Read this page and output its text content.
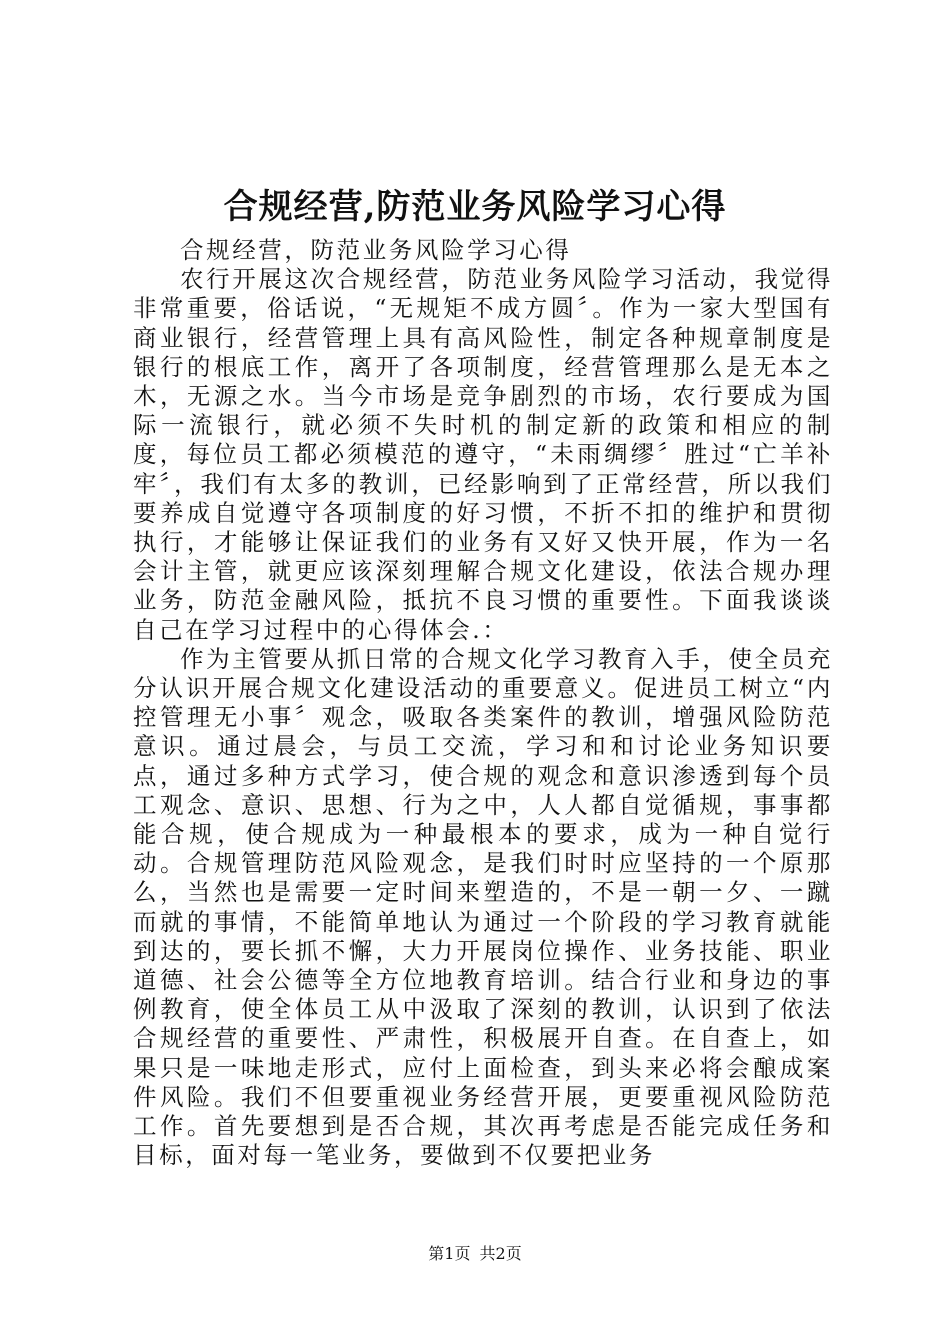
合规经营,防范业务风险学习心得

合规经营，防范业务风险学习心得

农行开展这次合规经营，防范业务风险学习活动，我觉得非常重要，俗话说，“无规矩不成方圆〞。作为一家大型国有商业银行，经营管理上具有高风险性，制定各种规章制度是银行的根底工作，离开了各项制度，经营管理那么是无本之木，无源之水。当今市场是竞争剧烈的市场，农行要成为国际一流银行，就必须不失时机的制定新的政策和相应的制度，每位员工都必须模范的遵守，“未雨绸缪〞胜过“亡羊补牢〞，我们有太多的教训，已经影响到了正常经营，所以我们要养成自觉遵守各项制度的好习惯，不折不扣的维护和贯彻执行，才能够让保证我们的业务有又好又快开展，作为一名会计主管，就更应该深刻理解合规文化建设，依法合规办理业务，防范金融风险，抵抗不良习惯的重要性。下面我谈谈自己在学习过程中的心得体会.：

作为主管要从抓日常的合规文化学习教育入手，使全员充分认识开展合规文化建设活动的重要意义。促进员工树立“内控管理无小事〞观念，吸取各类案件的教训，增强风险防范意识。通过晨会，与员工交流，学习和和讨论业务知识要点，通过多种方式学习，使合规的观念和意识渗透到每个员工观念、意识、思想、行为之中，人人都自觉循规，事事都能合规，使合规成为一种最根本的要求，成为一种自觉行动。合规管理防范风险观念，是我们时时应坚持的一个原那么，当然也是需要一定时间来塑造的，不是一朝一夕、一蹴而就的事情，不能简单地认为通过一个阶段的学习教育就能到达的，要长抓不懈，大力开展岗位操作、业务技能、职业道德、社会公德等全方位地教育培训。结合行业和身边的事例教育，使全体员工从中汲取了深刻的教训，认识到了依法合规经营的重要性、严肃性，积极展开自查。在自查上，如果只是一味地走形式，应付上面检查，到头来必将会酿成案件风险。我们不但要重视业务经营开展，更要重视风险防范工作。首先要想到是否合规，其次再考虑是否能完成任务和目标，面对每一笔业务，要做到不仅要把业务

第1页 共2页
